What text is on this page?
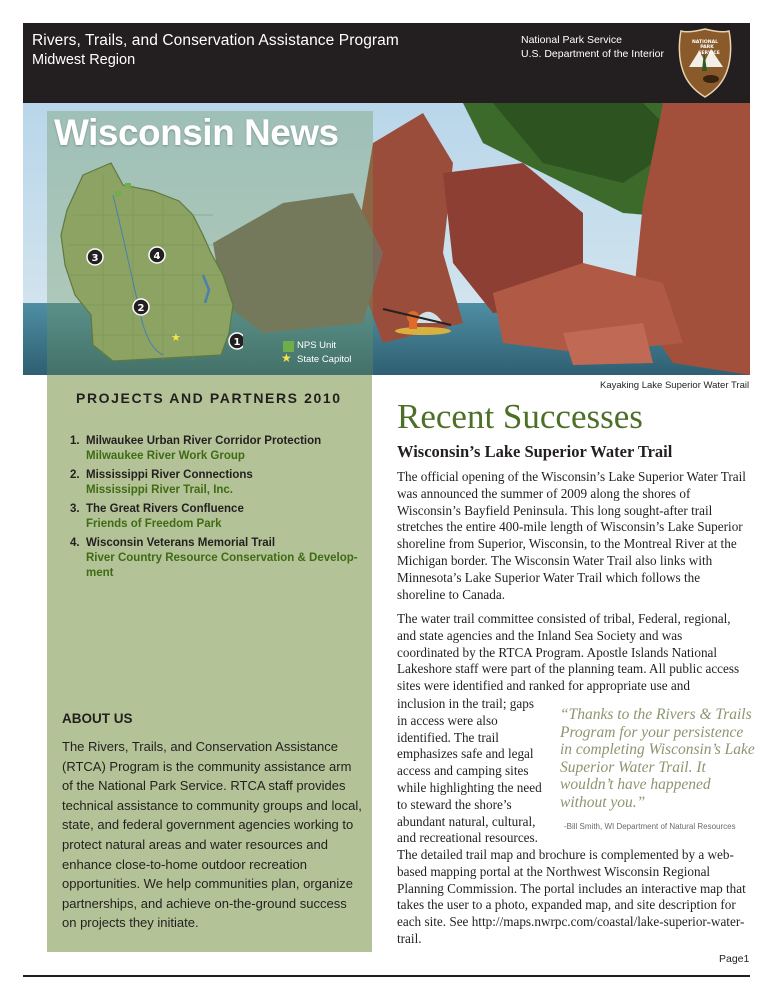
Rivers, Trails, and Conservation Assistance Program
Midwest Region
National Park Service
U.S. Department of the Interior
NATIONAL
PARK
SERVICE
Wisconsin News
★
3	4
2
1	NPS Unit
★ State Capitol
Kayaking Lake Superior Water Trail
PROJECTS AND PARTNERS 2010
1. Milwaukee Urban River Corridor Protection
Milwaukee River Work Group
2. Mississippi River Connections
Mississippi River Trail, Inc.
3. The Great Rivers Confluence
Friends of Freedom Park
4. Wisconsin Veterans Memorial Trail
River Country Resource Conservation & Develop-ment
ABOUT US
The Rivers, Trails, and Conservation Assistance (RTCA) Program is the community assistance arm of the National Park Service. RTCA staff provides technical assistance to community groups and local, state, and federal government agencies working to protect natural areas and water resources and enhance close-to-home outdoor recreation opportunities. We help communities plan, organize partnerships, and achieve on-the-ground success on projects they initiate.
Recent Successes
Wisconsin’s Lake Superior Water Trail
The official opening of the Wisconsin’s Lake Superior Water Trail was announced the summer of 2009 along the shores of Wisconsin’s Bayfield Peninsula. This long sought-after trail stretches the entire 400-mile length of Wisconsin’s Lake Superior shoreline from Superior, Wisconsin, to the Montreal River at the Michigan border. The Wisconsin Water Trail also links with Minnesota’s Lake Superior Water Trail which follows the shoreline to Canada.
The water trail committee consisted of tribal, Federal, regional, and state agencies and the Inland Sea Society and was coordinated by the RTCA Program. Apostle Islands National Lakeshore staff were part of the planning team. All public access sites were identified and ranked for appropriate use and
inclusion in the trail; gaps in access were also identified. The trail emphasizes safe and legal access and camping sites while highlighting the need to steward the shore’s abundant natural, cultural, and recreational resources.
“Thanks to the Rivers & Trails Program for your persistence in completing Wisconsin’s Lake Superior Water Trail. It wouldn’t have happened without you.”
-Bill Smith, WI Department of Natural Resources
The detailed trail map and brochure is complemented by a web-based mapping portal at the Northwest Wisconsin Regional Planning Commission. The portal includes an interactive map that takes the user to a photo, expanded map, and site description for each site. See http://maps.nwrpc.com/coastal/lake-superior-water-trail.
Page1
